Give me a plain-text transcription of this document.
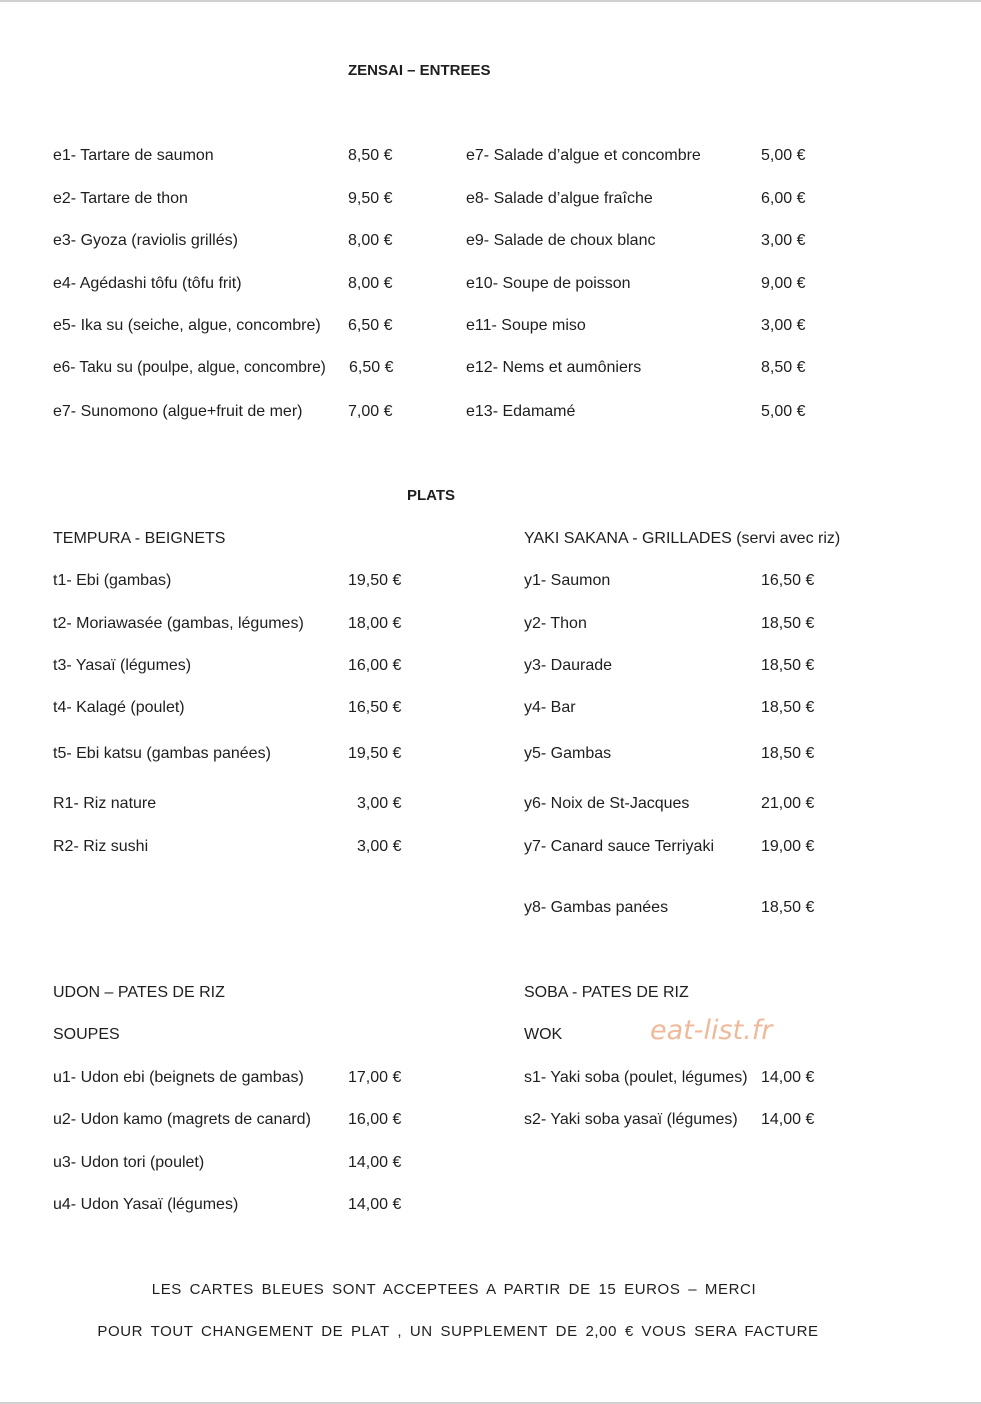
ZENSAI – ENTREES
e1- Tartare de saumon	8,50 €
e2- Tartare de thon	9,50 €
e3- Gyoza (raviolis grillés)	8,00 €
e4- Agédashi tôfu (tôfu frit)	8,00 €
e5- Ika su (seiche, algue, concombre) 6,50 €
e6- Taku su (poulpe, algue, concombre) 6,50 €
e7- Sunomono (algue+fruit de mer)	7,00 €
e7- Salade d’algue et concombre	5,00 €
e8- Salade d’algue fraîche	6,00 €
e9- Salade de choux blanc	3,00 €
e10- Soupe de poisson	9,00 €
e11- Soupe miso	3,00 €
e12- Nems et aumôniers	8,50 €
e13- Edamamé	5,00 €
PLATS
TEMPURA - BEIGNETS
t1- Ebi (gambas)	19,50 €
t2- Moriawasée (gambas, légumes)	18,00 €
t3- Yasaï (légumes)	16,00 €
t4- Kalagé (poulet)	16,50 €
t5- Ebi katsu (gambas panées)	19,50 €
R1- Riz nature	3,00 €
R2- Riz sushi	3,00 €
YAKI SAKANA - GRILLADES (servi avec riz)
y1- Saumon	16,50 €
y2- Thon	18,50 €
y3- Daurade	18,50 €
y4- Bar	18,50 €
y5- Gambas	18,50 €
y6- Noix de St-Jacques	21,00 €
y7- Canard sauce Terriyaki	19,00 €
y8- Gambas panées	18,50 €
UDON – PATES DE RIZ
SOUPES
u1- Udon ebi (beignets de gambas)	17,00 €
u2- Udon kamo (magrets de canard) 16,00 €
u3- Udon tori (poulet)	14,00 €
u4- Udon Yasaï (légumes)	14,00 €
SOBA - PATES DE RIZ
WOK	eat-list.fr
s1- Yaki soba (poulet, légumes) 14,00 €
s2- Yaki soba yasaï (légumes) 14,00 €
LES CARTES BLEUES SONT ACCEPTEES A PARTIR DE 15 EUROS – MERCI
POUR TOUT CHANGEMENT DE PLAT , UN SUPPLEMENT DE 2,00 € VOUS SERA FACTURE
